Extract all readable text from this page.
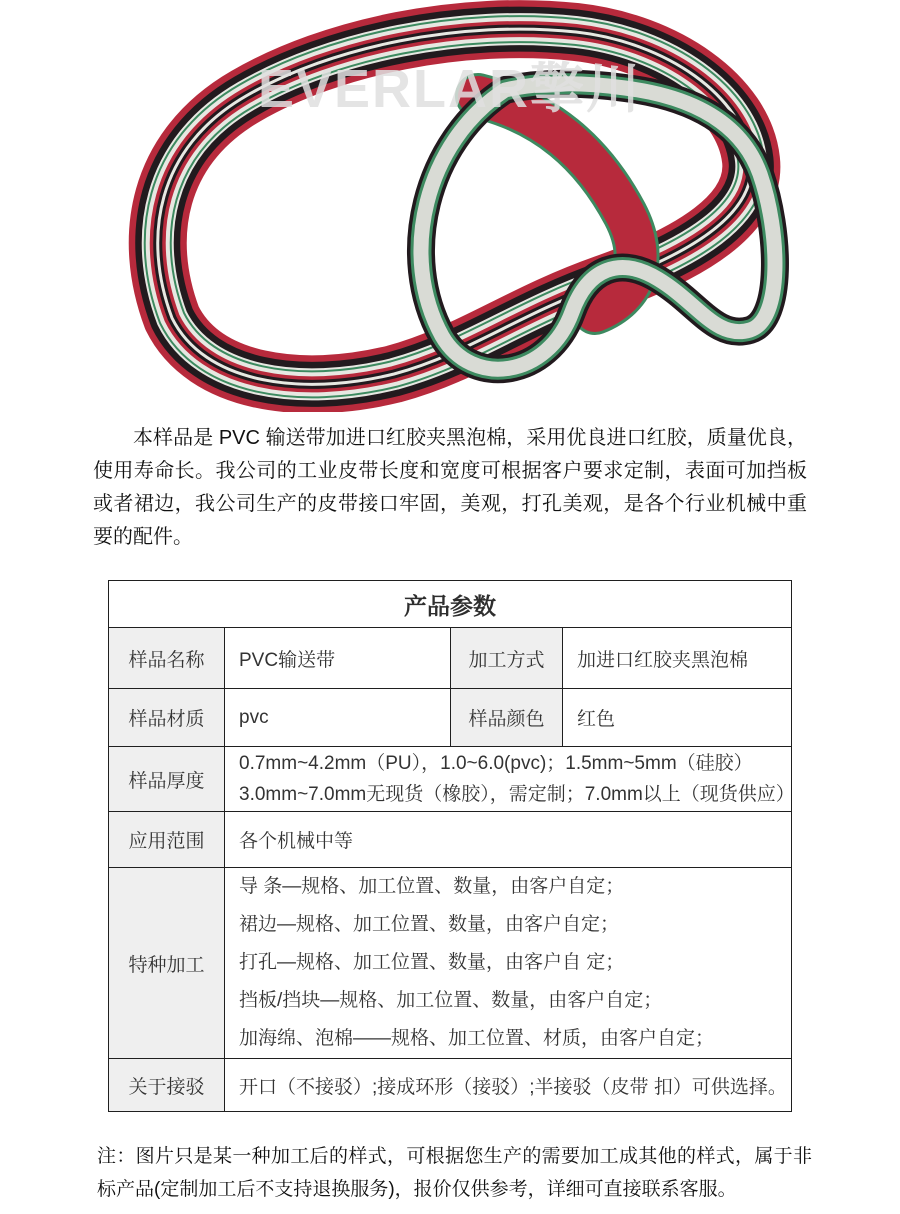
EVERLAR擎川

本样品是 PVC 输送带加进口红胶夹黑泡棉，采用优良进口红胶，质量优良，使用寿命长。我公司的工业皮带长度和宽度可根据客户要求定制，表面可加挡板或者裙边，我公司生产的皮带接口牢固，美观，打孔美观，是各个行业机械中重要的配件。

产品参数			
样品名称	PVC输送带	加工方式	加进口红胶夹黑泡棉
样品材质	pvc	样品颜色	红色
样品厚度	0.7mm~4.2mm（PU），1.0~6.0(pvc)；1.5mm~5mm（硅胶）
3.0mm~7.0mm无现货（橡胶），需定制；7.0mm以上（现货供应）		

应用范围	各个机械中等		
特种加工	导 条—规格、加工位置、数量，由客户自定；
裙边—规格、加工位置、数量，由客户自定；
打孔—规格、加工位置、数量，由客户自 定；
挡板/挡块—规格、加工位置、数量，由客户自定；
加海绵、泡棉——规格、加工位置、材质，由客户自定；		

关于接驳	开口（不接驳）;接成环形（接驳）;半接驳（皮带 扣）可供选择。		

注：图片只是某一种加工后的样式，可根据您生产的需要加工成其他的样式，属于非标产品(定制加工后不支持退换服务)，报价仅供参考，详细可直接联系客服。
